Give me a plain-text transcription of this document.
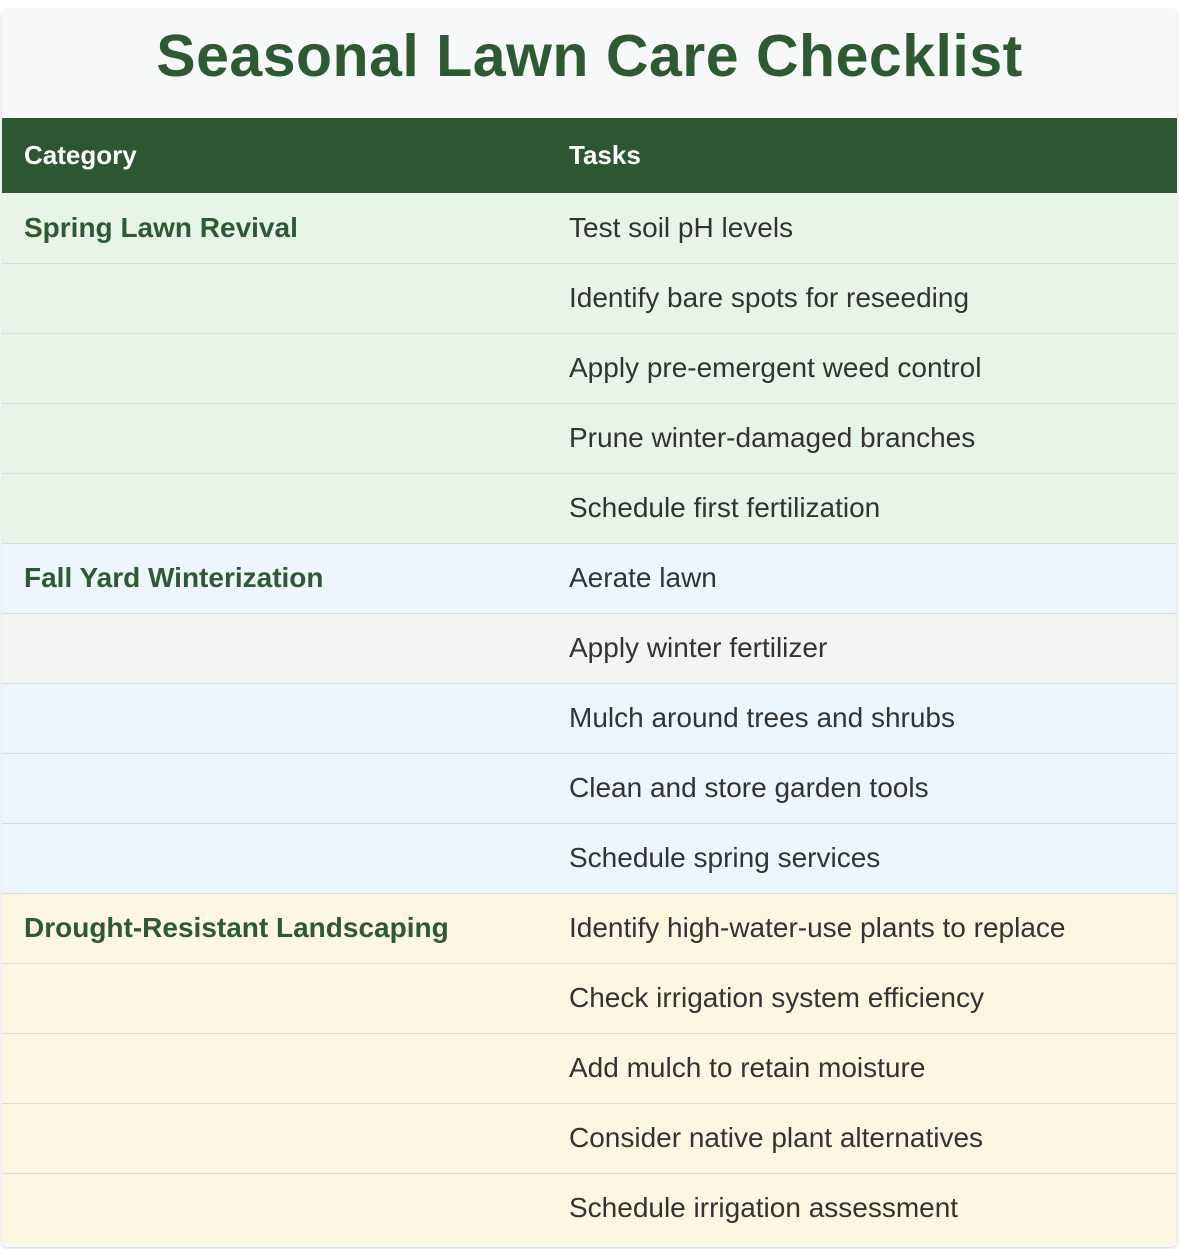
Seasonal Lawn Care Checklist
Category	Tasks
Spring Lawn Revival	Test soil pH levels
	Identify bare spots for reseeding
	Apply pre-emergent weed control
	Prune winter-damaged branches
	Schedule first fertilization
Fall Yard Winterization	Aerate lawn
	Apply winter fertilizer
	Mulch around trees and shrubs
	Clean and store garden tools
	Schedule spring services
Drought-Resistant Landscaping	Identify high-water-use plants to replace
	Check irrigation system efficiency
	Add mulch to retain moisture
	Consider native plant alternatives
	Schedule irrigation assessment
